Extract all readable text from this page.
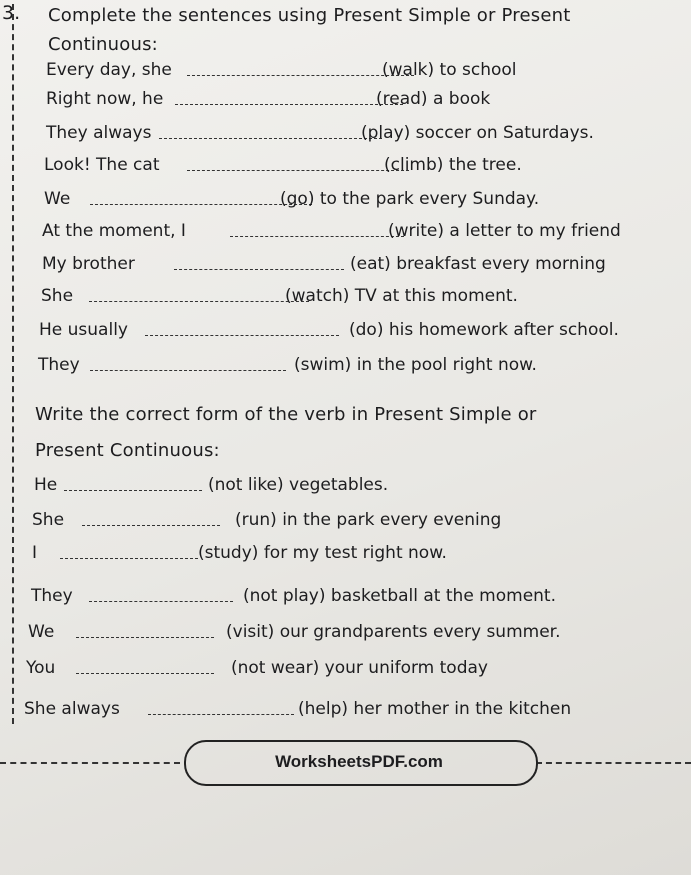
3. Complete the sentences using Present Simple or Present
Continuous:
Every day, she	(walk) to school
Right now, he	(read) a book
They always	(play) soccer on Saturdays.
Look! The cat	(climb) the tree.
We	(go) to the park every Sunday.
At the moment, I	(write) a letter to my friend
My brother	(eat) breakfast every morning
She	(watch) TV at this moment.
He usually	(do) his homework after school.
They	(swim) in the pool right now.
Write the correct form of the verb in Present Simple or
Present Continuous:
He	(not like) vegetables.
She	(run) in the park every evening
I	(study) for my test right now.
They	(not play) basketball at the moment.
We	(visit) our grandparents every summer.
You	(not wear) your uniform today
She always	(help) her mother in the kitchen
WorksheetsPDF.com
